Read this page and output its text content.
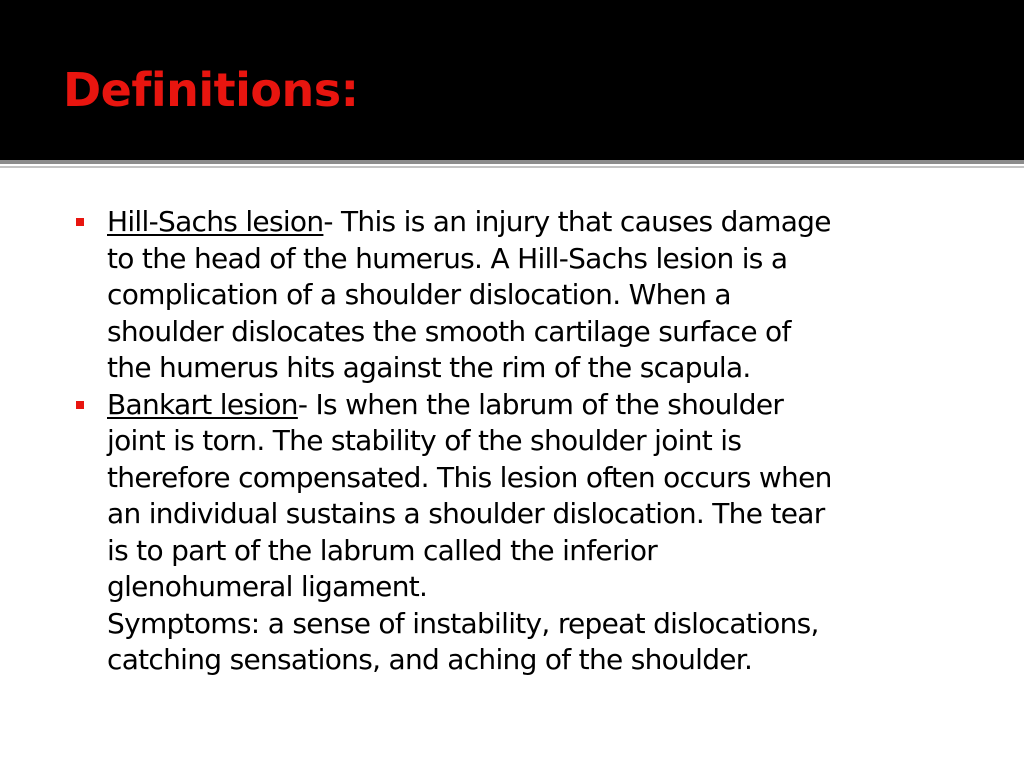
Definitions:
Hill-Sachs lesion- This is an injury that causes damage
to the head of the humerus. A Hill-Sachs lesion is a
complication of a shoulder dislocation. When a
shoulder dislocates the smooth cartilage surface of
the humerus hits against the rim of the scapula.
Bankart lesion- Is when the labrum of the shoulder
joint is torn. The stability of the shoulder joint is
therefore compensated. This lesion often occurs when
an individual sustains a shoulder dislocation. The tear
is to part of the labrum called the inferior
glenohumeral ligament.
Symptoms: a sense of instability, repeat dislocations,
catching sensations, and aching of the shoulder.
